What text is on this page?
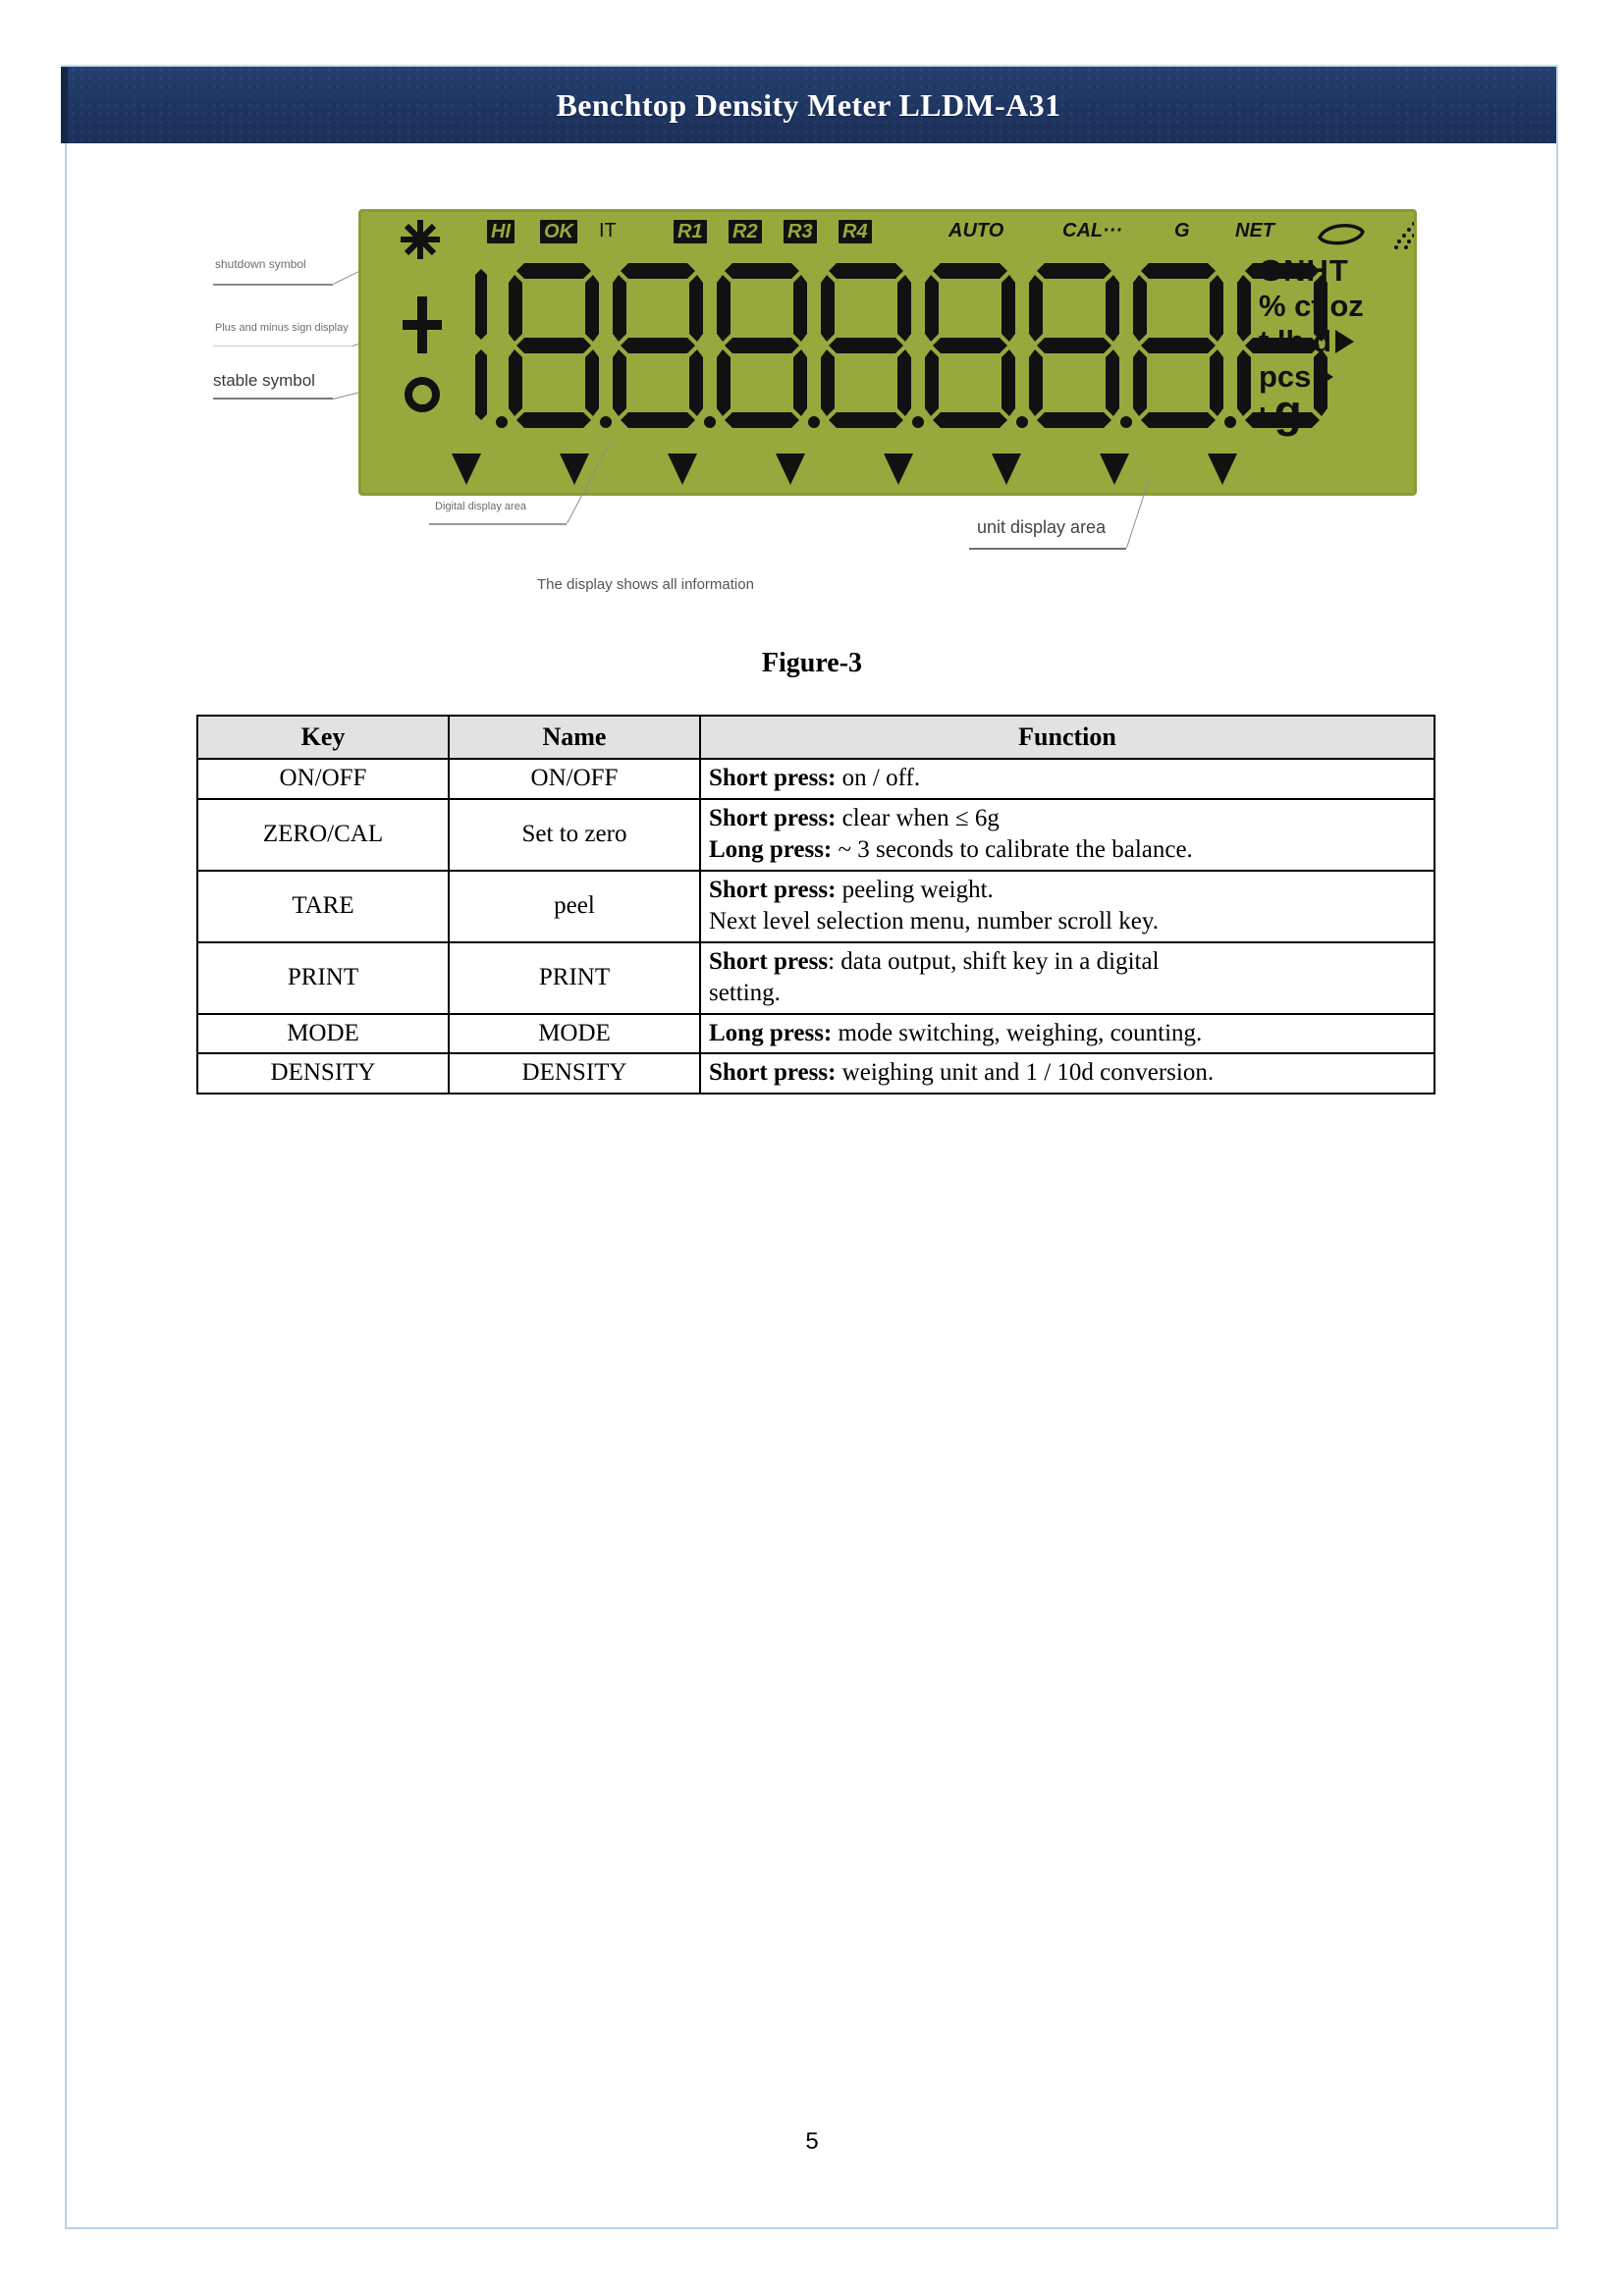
Benchtop Density Meter LLDM-A31
shutdown symbol
Plus and minus sign display
stable symbol
HI OK IT	R1 R2 R3 R4	AUTO	CAL···	G NET
GNHT
% ct oz
t lb d
pcs
kg
Digital display area
unit display area
The display shows all information
Figure-3
Key	Name	Function
ON/OFF	ON/OFF	Short press: on / off.

ZERO/CAL	Set to zero	Short press: clear when ≤ 6g
Long press: ~ 3 seconds to calibrate the balance.

TARE	peel	Short press: peeling weight.
Next level selection menu, number scroll key.

PRINT	PRINT	Short press: data output, shift key in a digital
setting.

MODE	MODE	Long press: mode switching, weighing, counting.

DENSITY	DENSITY	Short press: weighing unit and 1 / 10d conversion.
5
